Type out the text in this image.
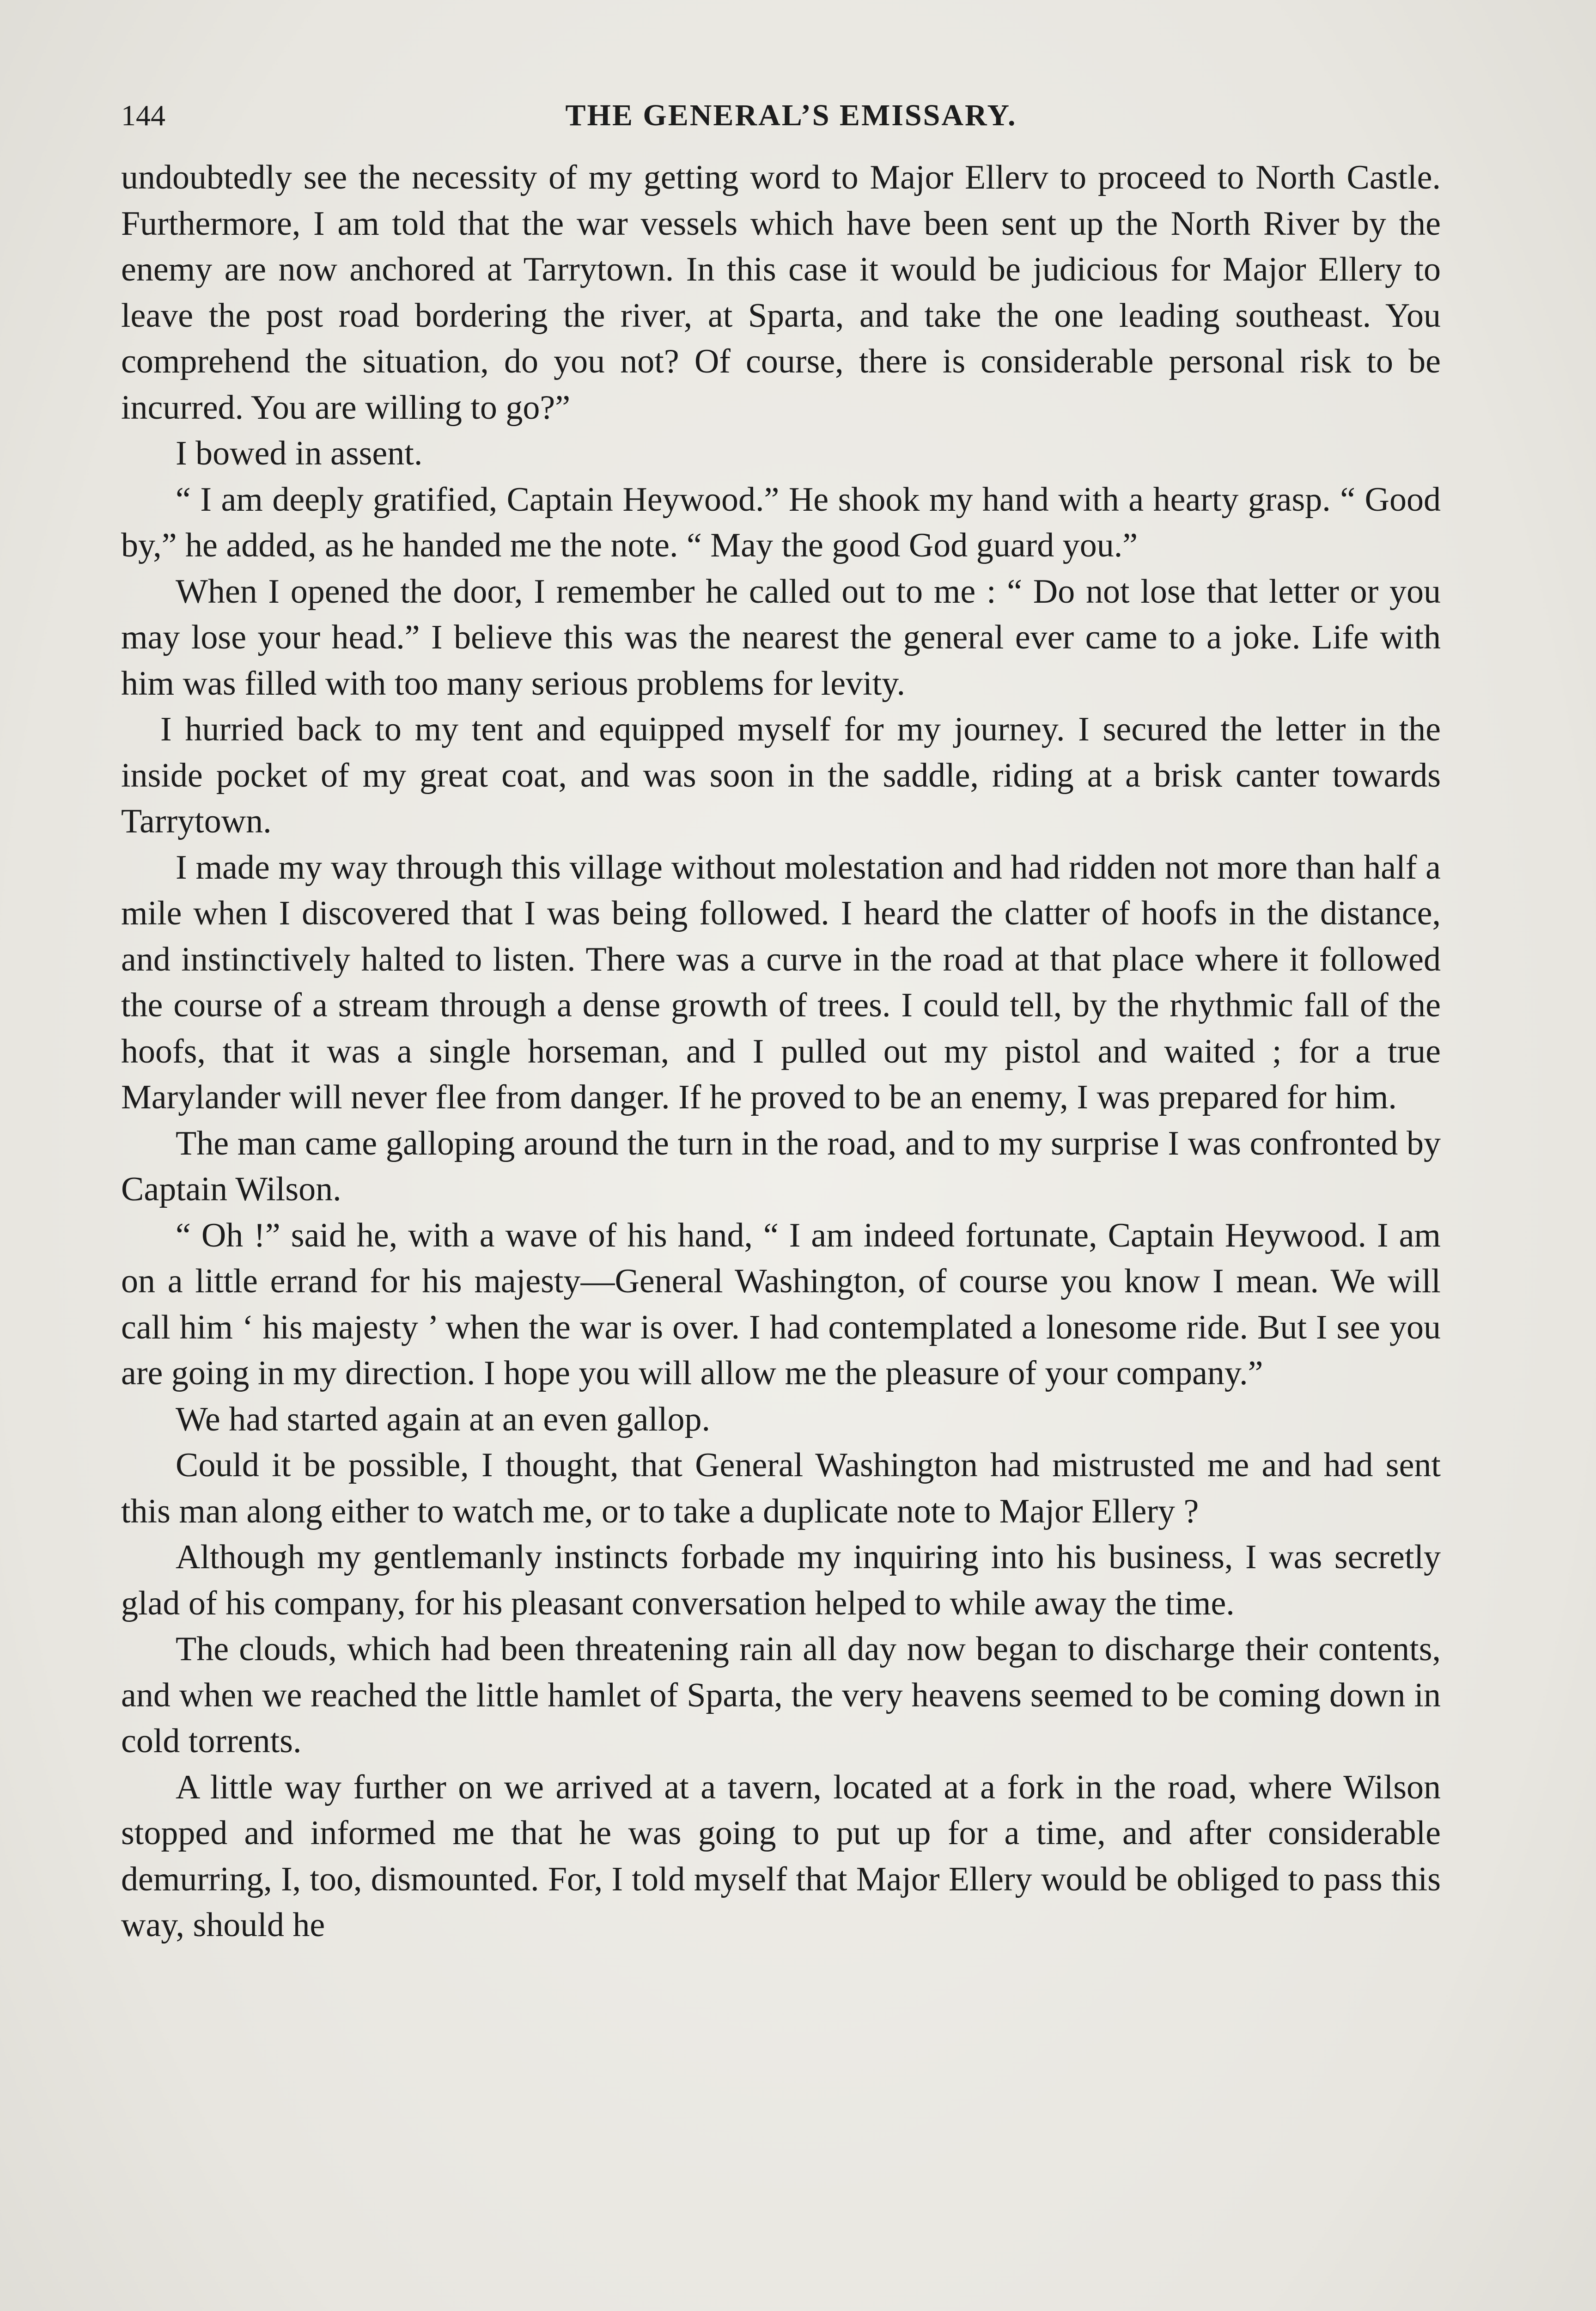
144	THE GENERAL’S EMISSARY.

undoubtedly see the necessity of my getting word to Major Ellerv to proceed to North Castle. Furthermore, I am told that the war vessels which have been sent up the North River by the enemy are now anchored at Tarrytown. In this case it would be judicious for Major Ellery to leave the post road bordering the river, at Sparta, and take the one leading southeast. You comprehend the situation, do you not? Of course, there is considerable personal risk to be incurred. You are willing to go?”

I bowed in assent.

“ I am deeply gratified, Captain Heywood.” He shook my hand with a hearty grasp. “ Good by,” he added, as he handed me the note. “ May the good God guard you.”

When I opened the door, I remember he called out to me : “ Do not lose that letter or you may lose your head.” I believe this was the nearest the general ever came to a joke. Life with him was filled with too many serious problems for levity.

I hurried back to my tent and equipped myself for my journey. I secured the letter in the inside pocket of my great coat, and was soon in the saddle, riding at a brisk canter towards Tarrytown.

I made my way through this village without molestation and had ridden not more than half a mile when I discovered that I was being followed. I heard the clatter of hoofs in the distance, and instinctively halted to listen. There was a curve in the road at that place where it followed the course of a stream through a dense growth of trees. I could tell, by the rhythmic fall of the hoofs, that it was a single horseman, and I pulled out my pistol and waited ; for a true Marylander will never flee from danger. If he proved to be an enemy, I was prepared for him.

The man came galloping around the turn in the road, and to my surprise I was confronted by Captain Wilson.

“ Oh !” said he, with a wave of his hand, “ I am indeed fortunate, Captain Heywood. I am on a little errand for his majesty—General Washington, of course you know I mean. We will call him ‘ his majesty ’ when the war is over. I had contemplated a lonesome ride. But I see you are going in my direction. I hope you will allow me the pleasure of your company.”

We had started again at an even gallop.

Could it be possible, I thought, that General Washington had mistrusted me and had sent this man along either to watch me, or to take a duplicate note to Major Ellery ?

Although my gentlemanly instincts forbade my inquiring into his business, I was secretly glad of his company, for his pleasant conversation helped to while away the time.

The clouds, which had been threatening rain all day now began to discharge their contents, and when we reached the little hamlet of Sparta, the very heavens seemed to be coming down in cold torrents.

A little way further on we arrived at a tavern, located at a fork in the road, where Wilson stopped and informed me that he was going to put up for a time, and after considerable demurring, I, too, dismounted. For, I told myself that Major Ellery would be obliged to pass this way, should he
